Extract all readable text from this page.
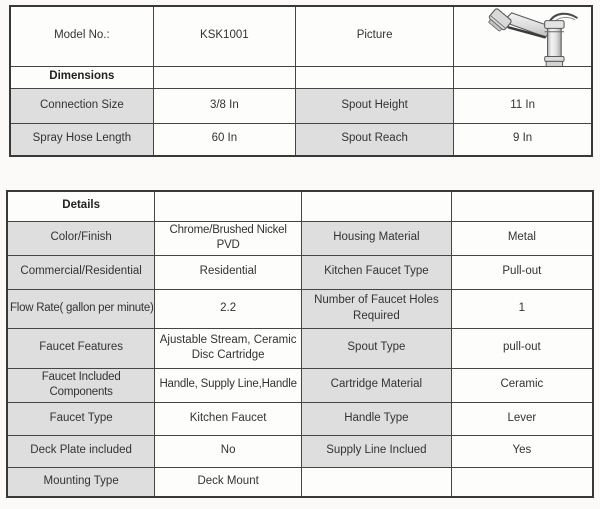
Model No.:	KSK1001	Picture	

Dimensions			
Connection Size	3/8 In	Spout Height	11 In
Spray Hose Length	60 In	Spout Reach	9 In
Details			
Color/Finish	Chrome/Brushed Nickel PVD	Housing Material	Metal
Commercial/Residential	Residential	Kitchen Faucet Type	Pull-out
Flow Rate( gallon per minute)	2.2	Number of Faucet Holes Required	1
Faucet Features	Ajustable Stream, Ceramic Disc Cartridge	Spout Type	pull-out
Faucet Included Components	Handle, Supply Line,Handle	Cartridge Material	Ceramic
Faucet Type	Kitchen Faucet	Handle Type	Lever
Deck Plate included	No	Supply Line Inclued	Yes
Mounting Type	Deck Mount		
